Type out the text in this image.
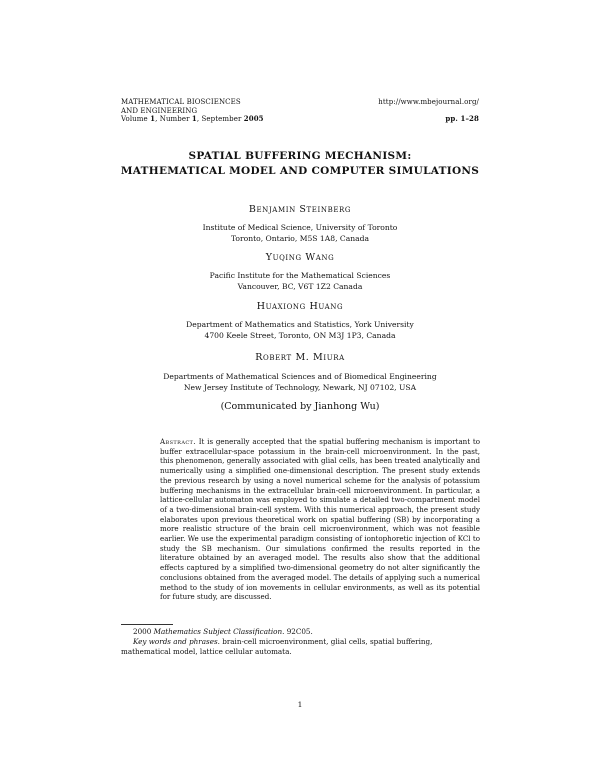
MATHEMATICAL BIOSCIENCES
AND ENGINEERING
Volume 1, Number 1, September 2005
http://www.mbejournal.org/
pp. 1–28
SPATIAL BUFFERING MECHANISM:
MATHEMATICAL MODEL AND COMPUTER SIMULATIONS
Benjamin Steinberg
Institute of Medical Science, University of Toronto
Toronto, Ontario, M5S 1A8, Canada
Yuqing Wang
Pacific Institute for the Mathematical Sciences
Vancouver, BC, V6T 1Z2 Canada
Huaxiong Huang
Department of Mathematics and Statistics, York University
4700 Keele Street, Toronto, ON M3J 1P3, Canada
Robert M. Miura
Departments of Mathematical Sciences and of Biomedical Engineering
New Jersey Institute of Technology, Newark, NJ 07102, USA
(Communicated by Jianhong Wu)
Abstract. It is generally accepted that the spatial buffering mechanism is important to buffer extracellular-space potassium in the brain-cell microenvironment. In the past, this phenomenon, generally associated with glial cells, has been treated analytically and numerically using a simplified one-dimensional description. The present study extends the previous research by using a novel numerical scheme for the analysis of potassium buffering mechanisms in the extracellular brain-cell microenvironment. In particular, a lattice-cellular automaton was employed to simulate a detailed two-compartment model of a two-dimensional brain-cell system. With this numerical approach, the present study elaborates upon previous theoretical work on spatial buffering (SB) by incorporating a more realistic structure of the brain cell microenvironment, which was not feasible earlier. We use the experimental paradigm consisting of iontophoretic injection of KCl to study the SB mechanism. Our simulations confirmed the results reported in the literature obtained by an averaged model. The results also show that the additional effects captured by a simplified two-dimensional geometry do not alter significantly the conclusions obtained from the averaged model. The details of applying such a numerical method to the study of ion movements in cellular environments, as well as its potential for future study, are discussed.
2000 Mathematics Subject Classification. 92C05.
Key words and phrases. brain-cell microenvironment, glial cells, spatial buffering, mathematical model, lattice cellular automata.
1
